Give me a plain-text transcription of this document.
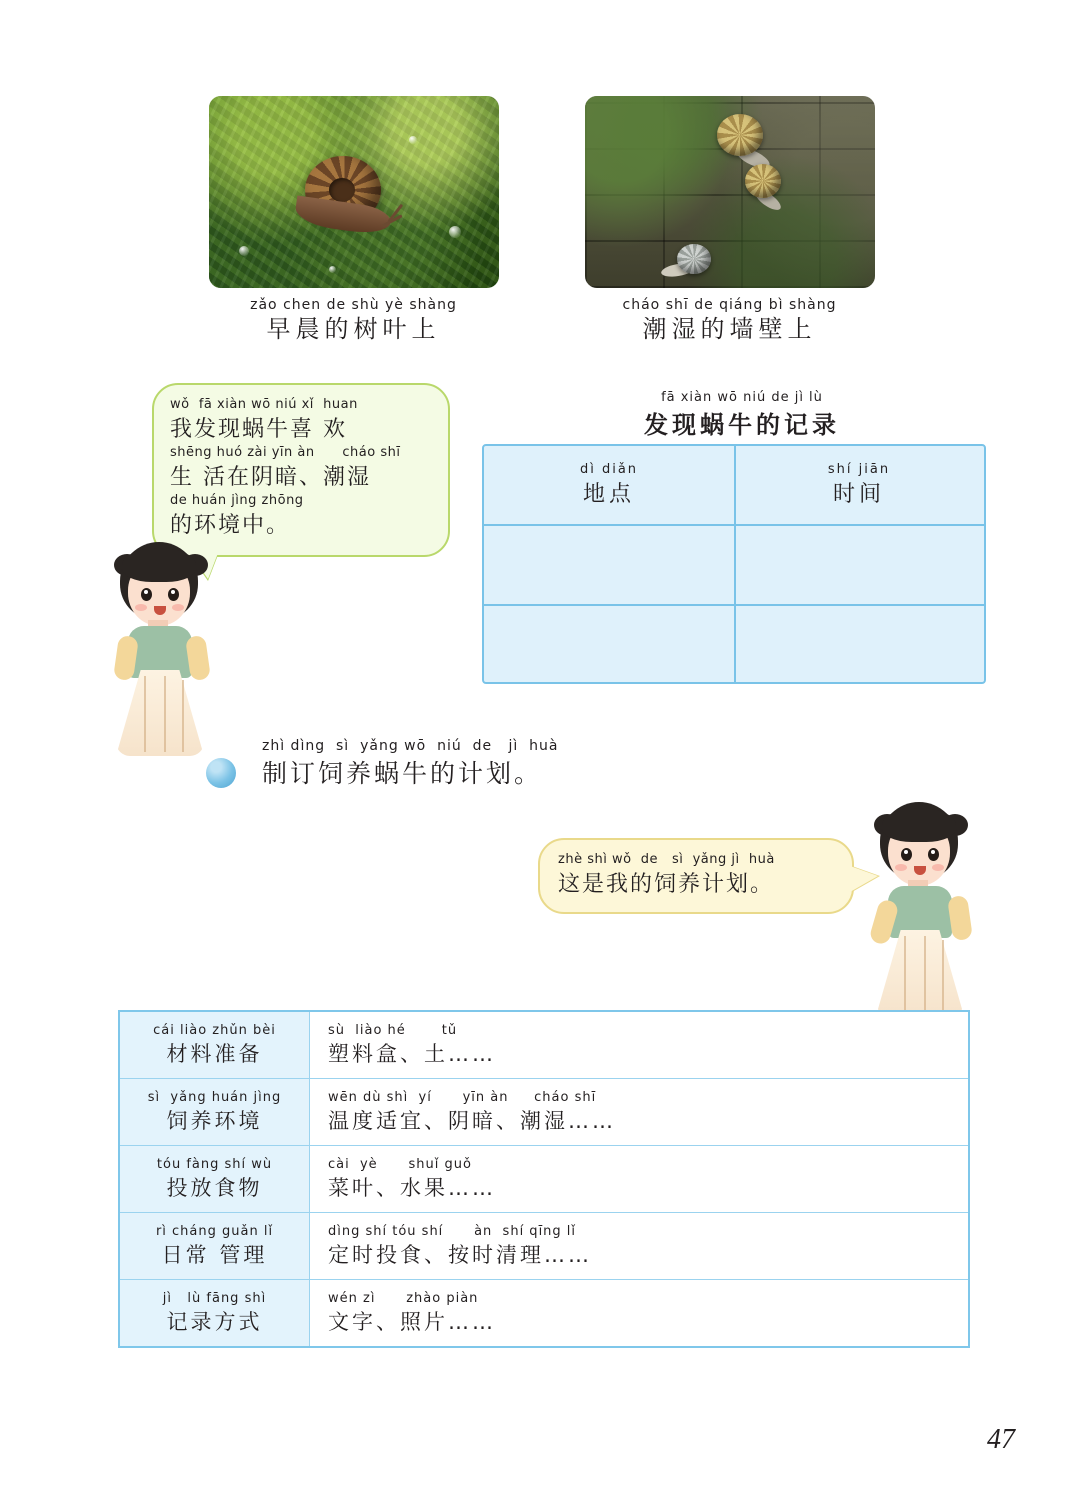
zǎo chen de shù yè shàng
早晨的树叶上
cháo shī de qiáng bì shàng
潮湿的墙壁上
wǒ  fā xiàn wō niú xǐ  huan
我发现蜗牛喜 欢
shēng huó zài yīn àn      cháo shī
生 活在阴暗、潮湿
de huán jìng zhōng
的环境中。
fā xiàn wō niú de jì lù
发现蜗牛的记录
dì diǎn
地点
shí jiān
时间
zhì dìng  sì  yǎng wō  niú  de   jì  huà
制订饲养蜗牛的计划。
zhè shì wǒ  de   sì  yǎng jì  huà
这是我的饲养计划。
cái liào zhǔn bèi
材料准备
sù  liào hé       tǔ
塑料盒、土……
sì  yǎng huán jìng
饲养环境
wēn dù shì  yí      yīn àn     cháo shī
温度适宜、阴暗、潮湿……
tóu fàng shí wù
投放食物
cài  yè      shuǐ guǒ
菜叶、水果……
rì cháng guǎn lǐ
日常 管理
dìng shí tóu shí      àn  shí qīng lǐ
定时投食、按时清理……
jì   lù fāng shì
记录方式
wén zì      zhào piàn
文字、照片……
47
